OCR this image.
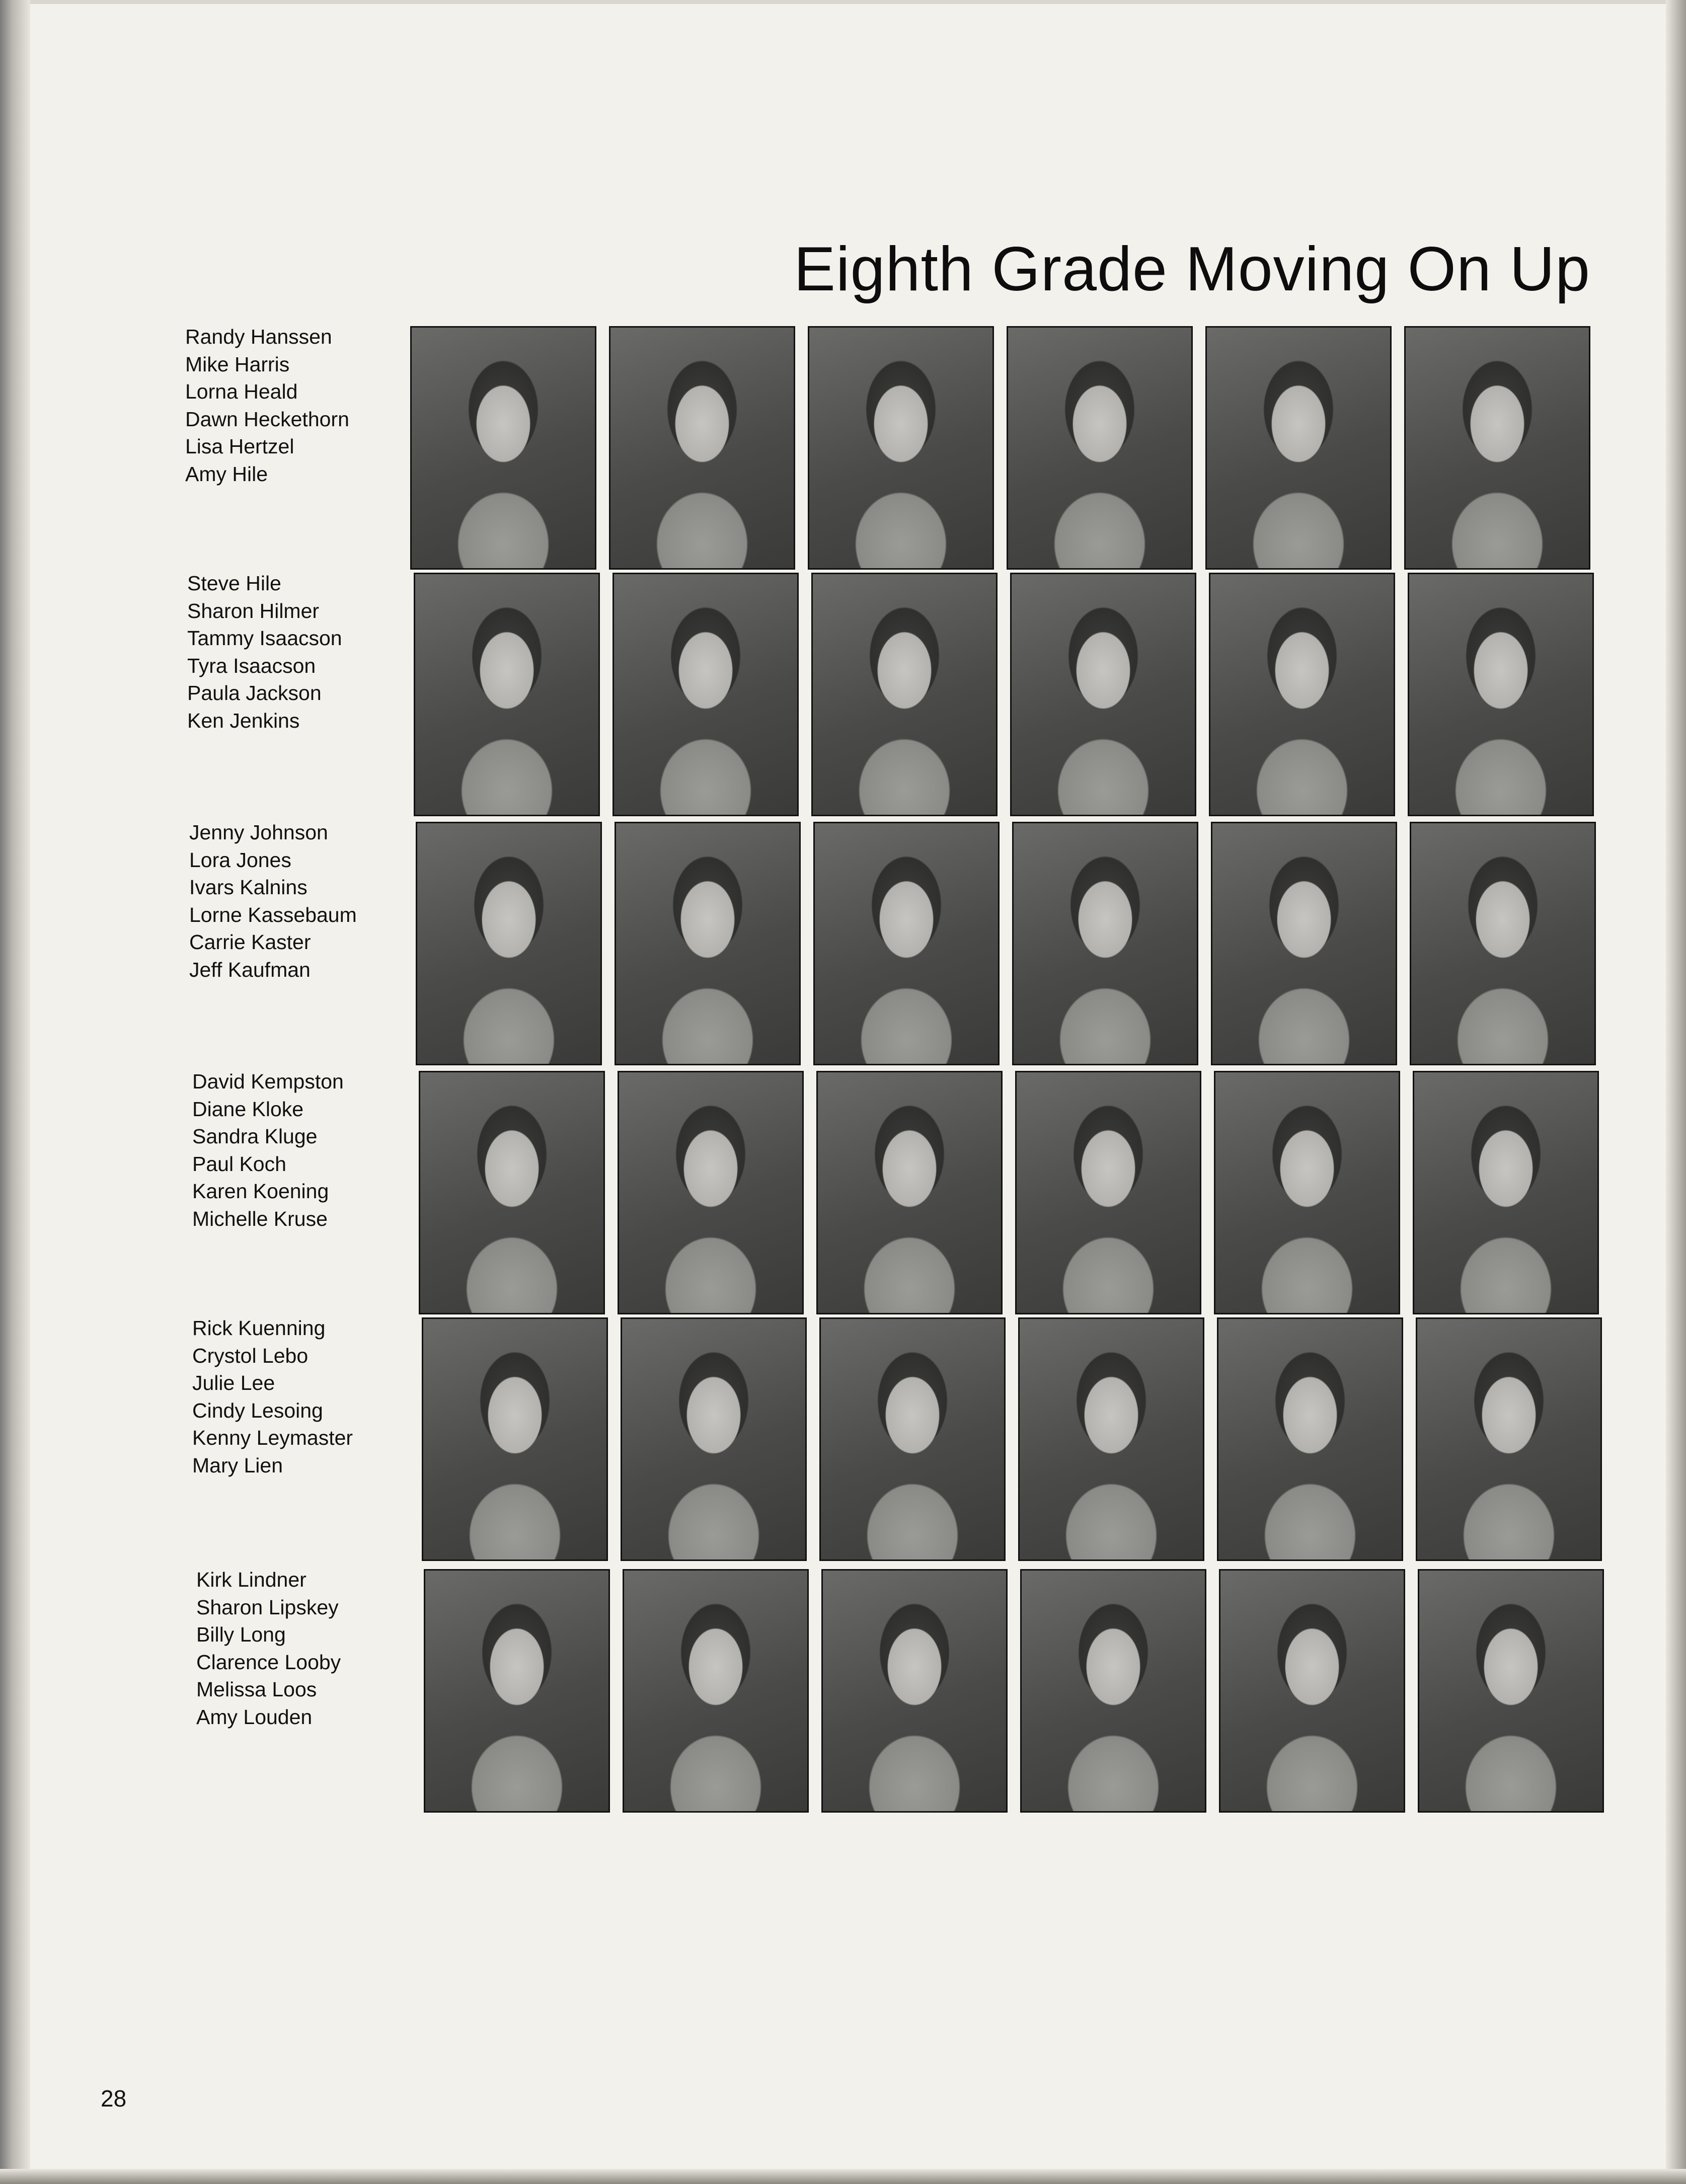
Eighth Grade Moving On Up
Randy Hanssen
Mike Harris
Lorna Heald
Dawn Heckethorn
Lisa Hertzel
Amy Hile
Steve Hile
Sharon Hilmer
Tammy Isaacson
Tyra Isaacson
Paula Jackson
Ken Jenkins
Jenny Johnson
Lora Jones
Ivars Kalnins
Lorne Kassebaum
Carrie Kaster
Jeff Kaufman
David Kempston
Diane Kloke
Sandra Kluge
Paul Koch
Karen Koening
Michelle Kruse
Rick Kuenning
Crystol Lebo
Julie Lee
Cindy Lesoing
Kenny Leymaster
Mary Lien
Kirk Lindner
Sharon Lipskey
Billy Long
Clarence Looby
Melissa Loos
Amy Louden
28
